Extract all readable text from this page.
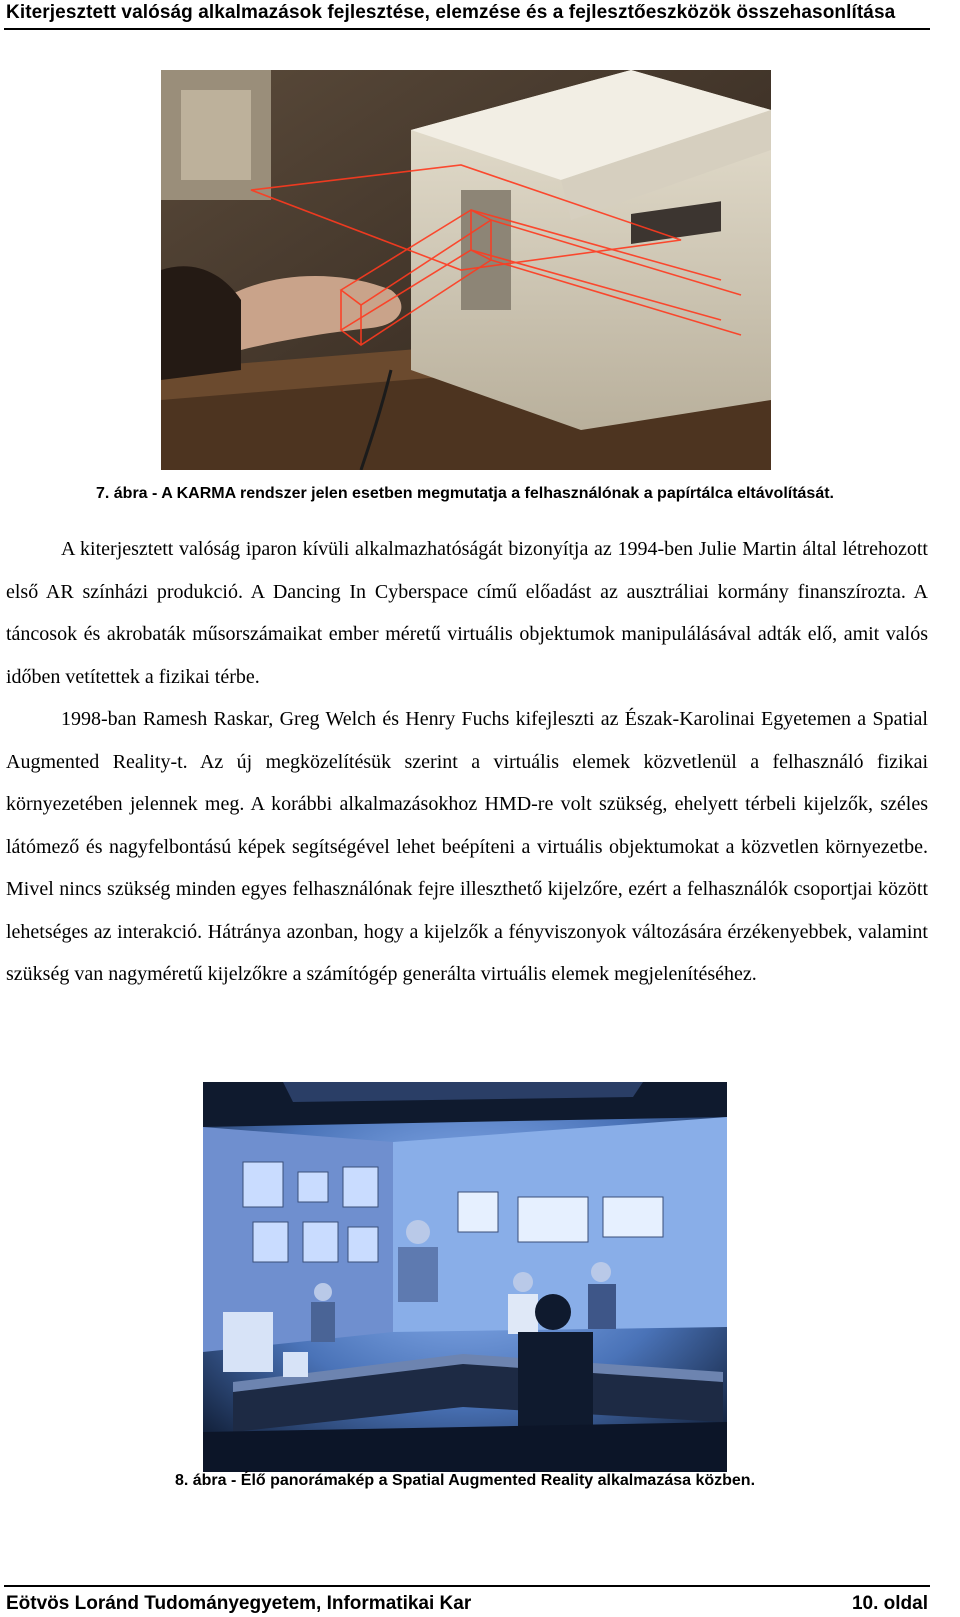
Kiterjesztett valóság alkalmazások fejlesztése, elemzése és a fejlesztőeszközök összehasonlítása
7. ábra - A KARMA rendszer jelen esetben megmutatja a felhasználónak a papírtálca eltávolítását.

A kiterjesztett valóság iparon kívüli alkalmazhatóságát bizonyítja az 1994-ben Julie Martin által létrehozott első AR színházi produkció. A Dancing In Cyberspace című előadást az ausztráliai kormány finanszírozta. A táncosok és akrobaták műsorszámaikat ember méretű virtuális objektumok manipulálásával adták elő, amit valós időben vetítettek a fizikai térbe.

1998-ban Ramesh Raskar, Greg Welch és Henry Fuchs kifejleszti az Észak-Karolinai Egyetemen a Spatial Augmented Reality-t. Az új megközelítésük szerint a virtuális elemek közvetlenül a felhasználó fizikai környezetében jelennek meg. A korábbi alkalmazásokhoz HMD-re volt szükség, ehelyett térbeli kijelzők, széles látómező és nagyfelbontású képek segítségével lehet beépíteni a virtuális objektumokat a közvetlen környezetbe. Mivel nincs szükség minden egyes felhasználónak fejre illeszthető kijelzőre, ezért a felhasználók csoportjai között lehetséges az interakció. Hátránya azonban, hogy a kijelzők a fényviszonyok változására érzékenyebbek, valamint szükség van nagyméretű kijelzőkre a számítógép generálta virtuális elemek megjelenítéséhez.

8. ábra - Élő panorámakép a Spatial Augmented Reality alkalmazása közben.
Eötvös Loránd Tudományegyetem, Informatikai Kar	10. oldal
